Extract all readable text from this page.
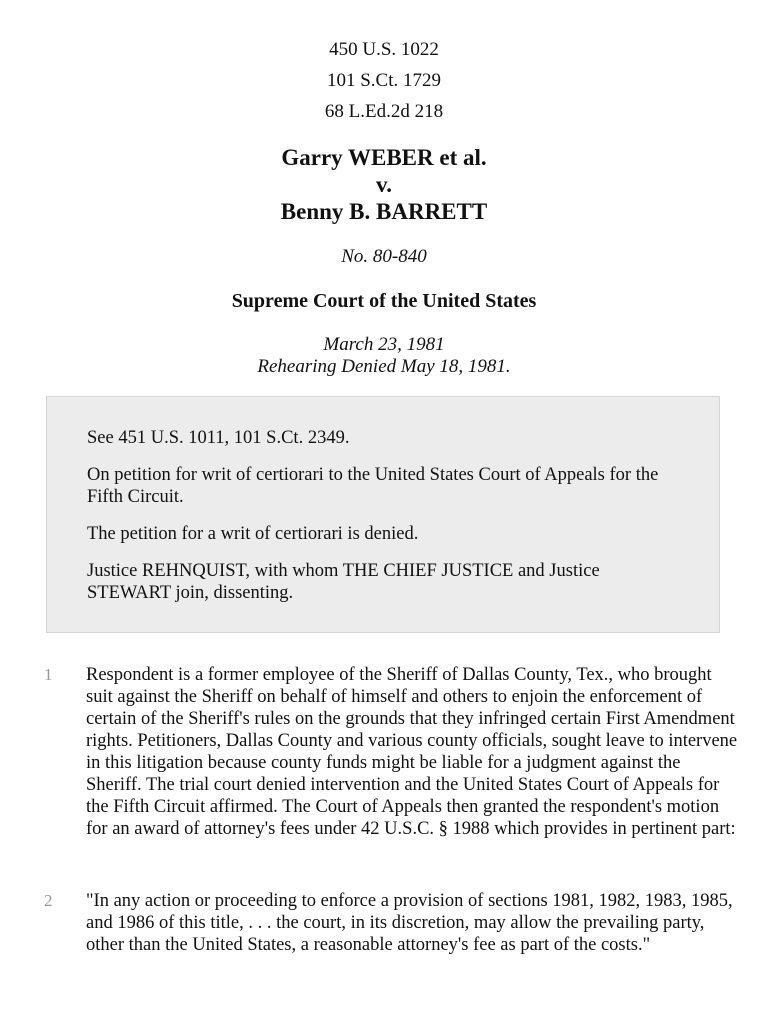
450 U.S. 1022
101 S.Ct. 1729
68 L.Ed.2d 218
Garry WEBER et al.
v.
Benny B. BARRETT
No. 80-840
Supreme Court of the United States
March 23, 1981
Rehearing Denied May 18, 1981.

See 451 U.S. 1011, 101 S.Ct. 2349.

On petition for writ of certiorari to the United States Court of Appeals for the Fifth Circuit.

The petition for a writ of certiorari is denied.

Justice REHNQUIST, with whom THE CHIEF JUSTICE and Justice STEWART join, dissenting.

1 Respondent is a former employee of the Sheriff of Dallas County, Tex., who brought suit against the Sheriff on behalf of himself and others to enjoin the enforcement of certain of the Sheriff's rules on the grounds that they infringed certain First Amendment rights. Petitioners, Dallas County and various county officials, sought leave to intervene in this litigation because county funds might be liable for a judgment against the Sheriff. The trial court denied intervention and the United States Court of Appeals for the Fifth Circuit affirmed. The Court of Appeals then granted the respondent's motion for an award of attorney's fees under 42 U.S.C. § 1988 which provides in pertinent part:

2 "In any action or proceeding to enforce a provision of sections 1981, 1982, 1983, 1985, and 1986 of this title, . . . the court, in its discretion, may allow the prevailing party, other than the United States, a reasonable attorney's fee as part of the costs."
